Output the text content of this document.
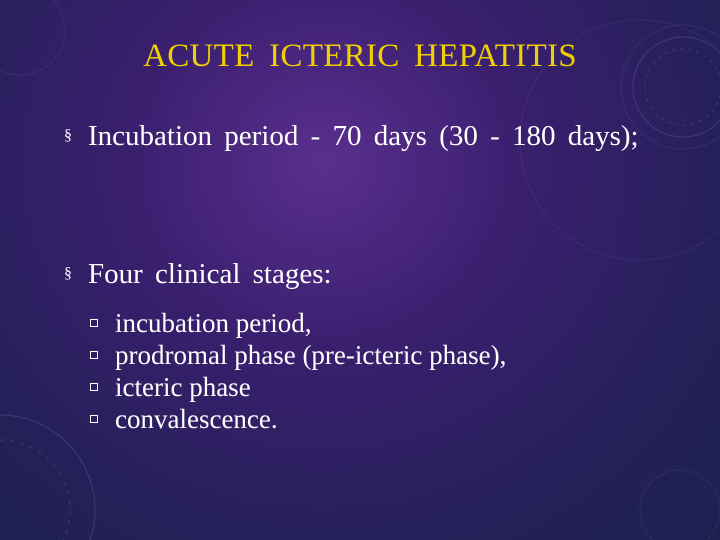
ACUTE ICTERIC HEPATITIS
§ Incubation period - 70 days (30 - 180 days);
§ Four clinical stages:
incubation period,
prodromal phase (pre-icteric phase),
icteric phase
convalescence.
